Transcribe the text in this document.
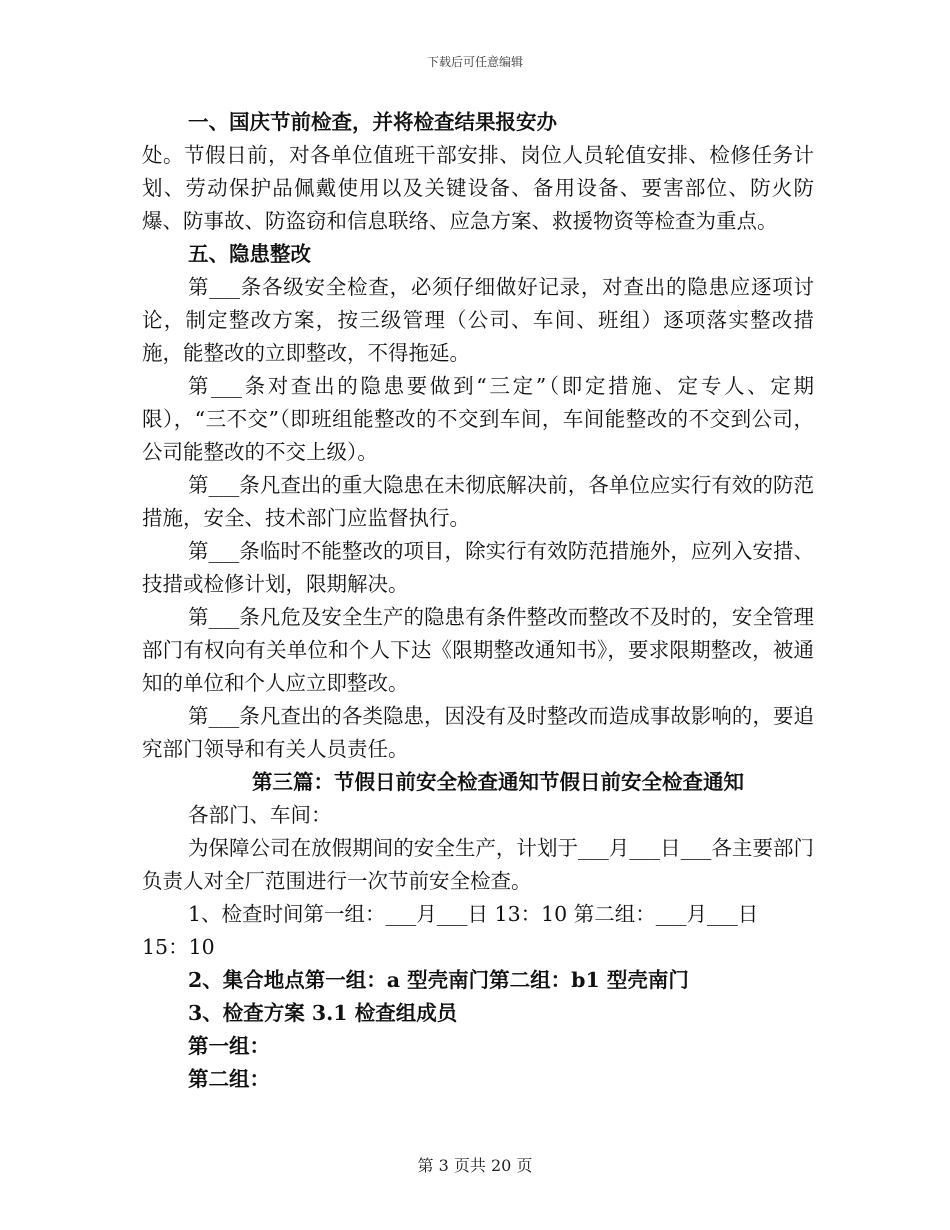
下载后可任意编辑

一、国庆节前检查，并将检查结果报安办

处。节假日前，对各单位值班干部安排、岗位人员轮值安排、检修任务计划、劳动保护品佩戴使用以及关键设备、备用设备、要害部位、防火防爆、防事故、防盗窃和信息联络、应急方案、救援物资等检查为重点。

五、隐患整改

第___条各级安全检查，必须仔细做好记录，对查出的隐患应逐项讨论，制定整改方案，按三级管理（公司、车间、班组）逐项落实整改措施，能整改的立即整改，不得拖延。

第___条对查出的隐患要做到“三定”（即定措施、定专人、定期限），“三不交”（即班组能整改的不交到车间，车间能整改的不交到公司，公司能整改的不交上级）。

第___条凡查出的重大隐患在未彻底解决前，各单位应实行有效的防范措施，安全、技术部门应监督执行。

第___条临时不能整改的项目，除实行有效防范措施外，应列入安措、技措或检修计划，限期解决。

第___条凡危及安全生产的隐患有条件整改而整改不及时的，安全管理部门有权向有关单位和个人下达《限期整改通知书》，要求限期整改，被通知的单位和个人应立即整改。

第___条凡查出的各类隐患，因没有及时整改而造成事故影响的，要追究部门领导和有关人员责任。

第三篇：节假日前安全检查通知节假日前安全检查通知

各部门、车间：

为保障公司在放假期间的安全生产，计划于___月___日___各主要部门负责人对全厂范围进行一次节前安全检查。

1、检查时间第一组：___月___日 13：10 第二组：___月___日

15：10

2、集合地点第一组：a 型壳南门第二组：b1 型壳南门

3、检查方案 3.1 检查组成员

第一组：

第二组：

第 3 页共 20 页
